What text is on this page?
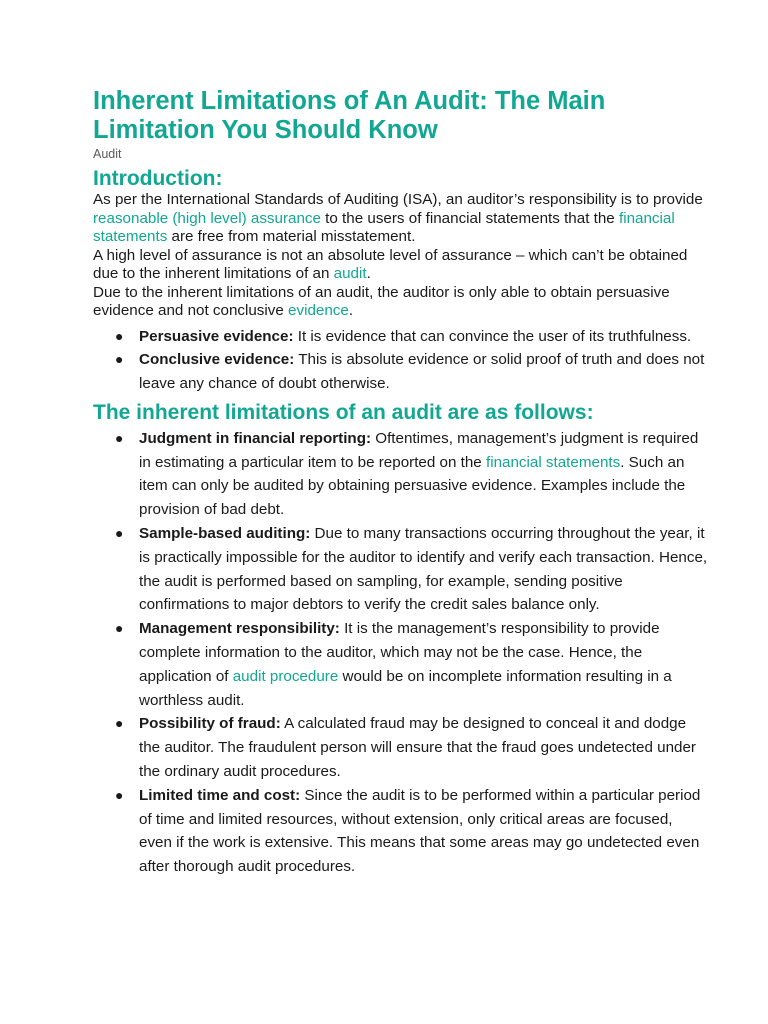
Inherent Limitations of An Audit: The Main Limitation You Should Know
Audit
Introduction:

As per the International Standards of Auditing (ISA), an auditor’s responsibility is to provide reasonable (high level) assurance to the users of financial statements that the financial statements are free from material misstatement.

A high level of assurance is not an absolute level of assurance – which can’t be obtained due to the inherent limitations of an audit.

Due to the inherent limitations of an audit, the auditor is only able to obtain persuasive evidence and not conclusive evidence.

● Persuasive evidence: It is evidence that can convince the user of its truthfulness.
● Conclusive evidence: This is absolute evidence or solid proof of truth and does not leave any chance of doubt otherwise.
The inherent limitations of an audit are as follows:
● Judgment in financial reporting: Oftentimes, management’s judgment is required in estimating a particular item to be reported on the financial statements. Such an item can only be audited by obtaining persuasive evidence. Examples include the provision of bad debt.
● Sample-based auditing: Due to many transactions occurring throughout the year, it is practically impossible for the auditor to identify and verify each transaction. Hence, the audit is performed based on sampling, for example, sending positive confirmations to major debtors to verify the credit sales balance only.
● Management responsibility: It is the management’s responsibility to provide complete information to the auditor, which may not be the case. Hence, the application of audit procedure would be on incomplete information resulting in a worthless audit.
● Possibility of fraud: A calculated fraud may be designed to conceal it and dodge the auditor. The fraudulent person will ensure that the fraud goes undetected under the ordinary audit procedures.
● Limited time and cost: Since the audit is to be performed within a particular period of time and limited resources, without extension, only critical areas are focused, even if the work is extensive. This means that some areas may go undetected even after thorough audit procedures.
